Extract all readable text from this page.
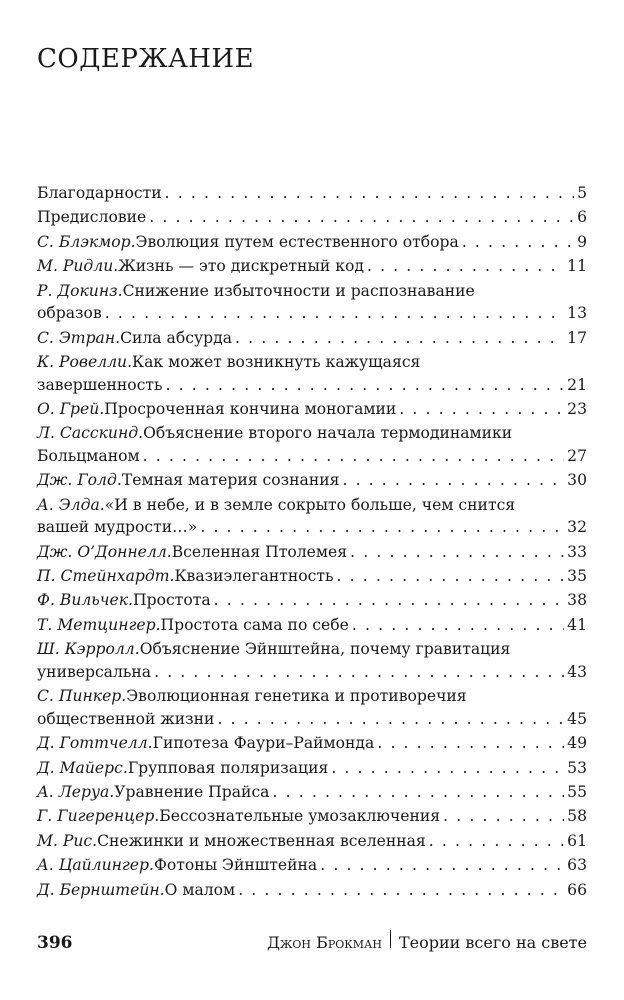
СОДЕРЖАНИЕ
Благодарности . . .	5
Предисловие . . .	6
С. Блэкмор. Эволюция путем естественного отбора . . .	9
М. Ридли. Жизнь — это дискретный код . . .	11
Р. Докинз. Снижение избыточности и распознавание
образов . . .	13
С. Этран. Сила абсурда . . .	17
К. Ровелли. Как может возникнуть кажущаяся
завершенность . . .	21
О. Грей. Просроченная кончина моногамии . . .	23
Л. Сасскинд. Объяснение второго начала термодинамики
Больцманом . . .	27
Дж. Голд. Темная материя сознания . . .	30
А. Элда. «И в небе, и в земле сокрыто больше, чем снится
вашей мудрости…» . . .	32
Дж. О’Доннелл. Вселенная Птолемея . . .	33
П. Стейнхардт. Квазиэлегантность . . .	35
Ф. Вильчек. Простота . . .	38
Т. Метцингер. Простота сама по себе . . .	41
Ш. Кэрролл. Объяснение Эйнштейна, почему гравитация
универсальна . . .	43
С. Пинкер. Эволюционная генетика и противоречия
общественной жизни . . .	45
Д. Готтчелл. Гипотеза Фаури–Раймонда . . .	49
Д. Майерс. Групповая поляризация . . .	53
А. Леруа. Уравнение Прайса . . .	55
Г. Гигеренцер. Бессознательные умозаключения . . .	58
М. Рис. Снежинки и множественная вселенная . . .	61
А. Цайлингер. Фотоны Эйнштейна . . .	63
Д. Бернштейн. О малом . . .	66
396	Джон Брокман Теории всего на свете
